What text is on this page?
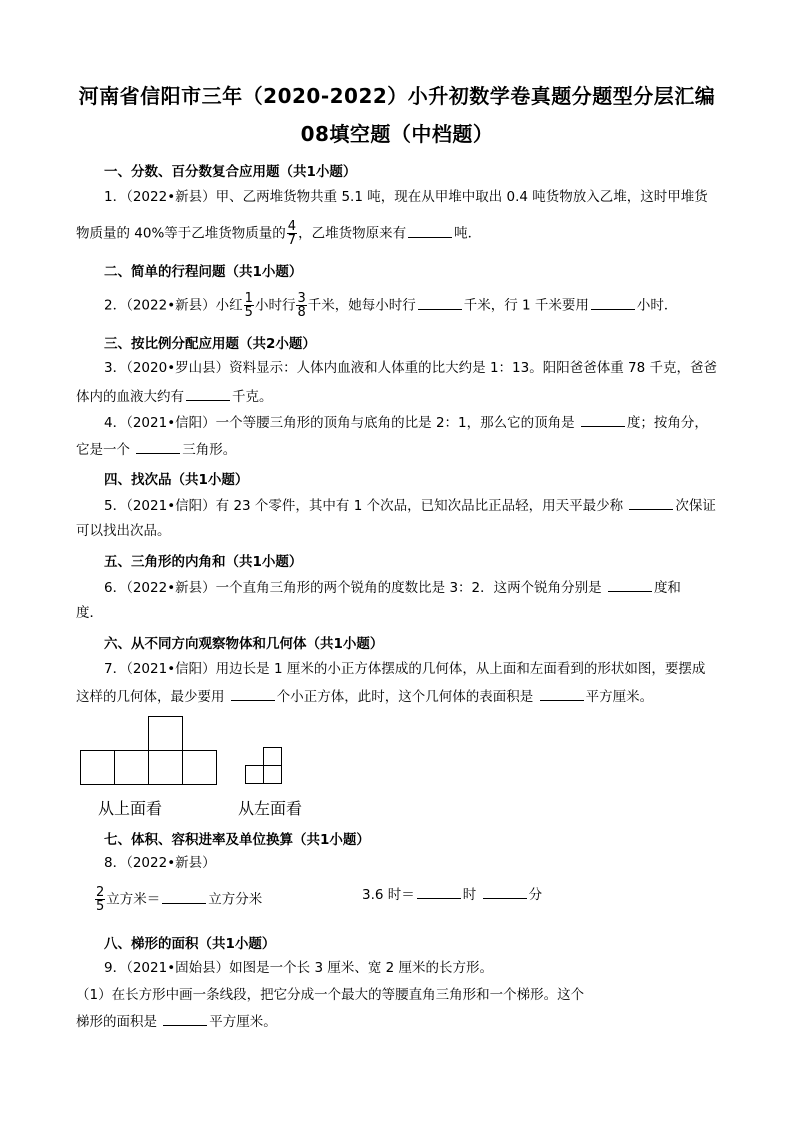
河南省信阳市三年（2020-2022）小升初数学卷真题分题型分层汇编
08填空题（中档题）
一、分数、百分数复合应用题（共1小题）
1．（2022•新县）甲、乙两堆货物共重 5.1 吨，现在从甲堆中取出 0.4 吨货物放入乙堆，这时甲堆货
物质量的 40%等于乙堆货物质量的 $\frac{4}{7}$ ，乙堆货物原来有	吨．
二、简单的行程问题（共1小题）
2．（2022•新县）小红 $\frac{1}{5}$ 小时行 $\frac{3}{8}$ 千米，她每小时行	千米，行 1 千米要用	小时．
三、按比例分配应用题（共2小题）
3．（2020•罗山县）资料显示：人体内血液和人体重的比大约是 1：13。阳阳爸爸体重 78 千克，爸爸
体内的血液大约有	千克。
4．（2021•信阳）一个等腰三角形的顶角与底角的比是 2：1，那么它的顶角是	度；按角分，
它是一个	三角形。
四、找次品（共1小题）
5．（2021•信阳）有 23 个零件，其中有 1 个次品，已知次品比正品轻，用天平最少称	次保证
可以找出次品。
五、三角形的内角和（共1小题）
6．（2022•新县）一个直角三角形的两个锐角的度数比是 3：2．这两个锐角分别是	度和
度．
六、从不同方向观察物体和几何体（共1小题）
7．（2021•信阳）用边长是 1 厘米的小正方体摆成的几何体，从上面和左面看到的形状如图，要摆成
这样的几何体，最少要用	个小正方体，此时，这个几何体的表面积是	平方厘米。
从上面看	从左面看
七、体积、容积进率及单位换算（共1小题）
8．（2022•新县）
$\frac{2}{5}$ 立方米＝	立方分米	3.6 时＝	时	分
八、梯形的面积（共1小题）
9．（2021•固始县）如图是一个长 3 厘米、宽 2 厘米的长方形。
（1）在长方形中画一条线段，把它分成一个最大的等腰直角三角形和一个梯形。这个
梯形的面积是	平方厘米。
